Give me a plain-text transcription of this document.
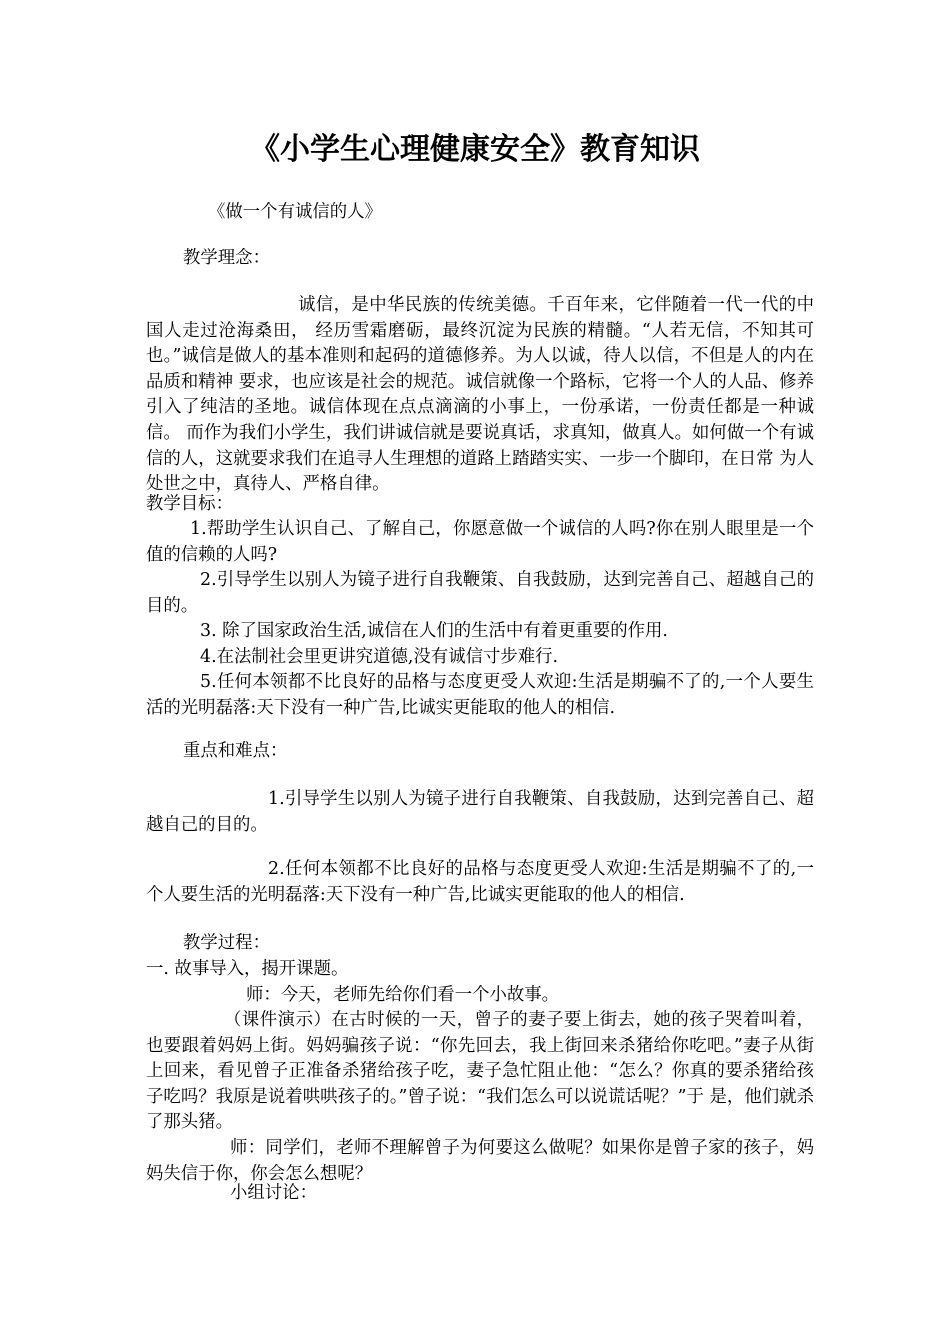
《小学生心理健康安全》教育知识
《做一个有诚信的人》
教学理念：
诚信，是中华民族的传统美德。千百年来，它伴随着一代一代的中国人走过沧海桑田， 经历雪霜磨砺，最终沉淀为民族的精髓。“人若无信，不知其可也。”诚信是做人的基本准则和起码的道德修养。为人以诚，待人以信，不但是人的内在品质和精神 要求，也应该是社会的规范。诚信就像一个路标，它将一个人的人品、修养引入了纯洁的圣地。诚信体现在点点滴滴的小事上，一份承诺，一份责任都是一种诚信。 而作为我们小学生，我们讲诚信就是要说真话，求真知，做真人。如何做一个有诚信的人，这就要求我们在追寻人生理想的道路上踏踏实实、一步一个脚印，在日常 为人处世之中，真待人、严格自律。
教学目标：
1.帮助学生认识自己、了解自己，你愿意做一个诚信的人吗?你在别人眼里是一个值的信赖的人吗?
2.引导学生以别人为镜子进行自我鞭策、自我鼓励，达到完善自己、超越自己的目的。
3. 除了国家政治生活,诚信在人们的生活中有着更重要的作用.
4.在法制社会里更讲究道德,没有诚信寸步难行.
5.任何本领都不比良好的品格与态度更受人欢迎:生活是期骗不了的,一个人要生活的光明磊落:天下没有一种广告,比诚实更能取的他人的相信.
重点和难点：
1.引导学生以别人为镜子进行自我鞭策、自我鼓励，达到完善自己、超越自己的目的。
2.任何本领都不比良好的品格与态度更受人欢迎:生活是期骗不了的,一个人要生活的光明磊落:天下没有一种广告,比诚实更能取的他人的相信.
教学过程：
一. 故事导入，揭开课题。
师：今天，老师先给你们看一个小故事。
（课件演示）在古时候的一天，曾子的妻子要上街去，她的孩子哭着叫着，也要跟着妈妈上街。妈妈骗孩子说：“你先回去，我上街回来杀猪给你吃吧。”妻子从街 上回来，看见曾子正准备杀猪给孩子吃，妻子急忙阻止他：“怎么？你真的要杀猪给孩子吃吗？我原是说着哄哄孩子的。”曾子说：“我们怎么可以说谎话呢？”于 是，他们就杀了那头猪。
师：同学们，老师不理解曾子为何要这么做呢？如果你是曾子家的孩子，妈妈失信于你，你会怎么想呢？
小组讨论：
